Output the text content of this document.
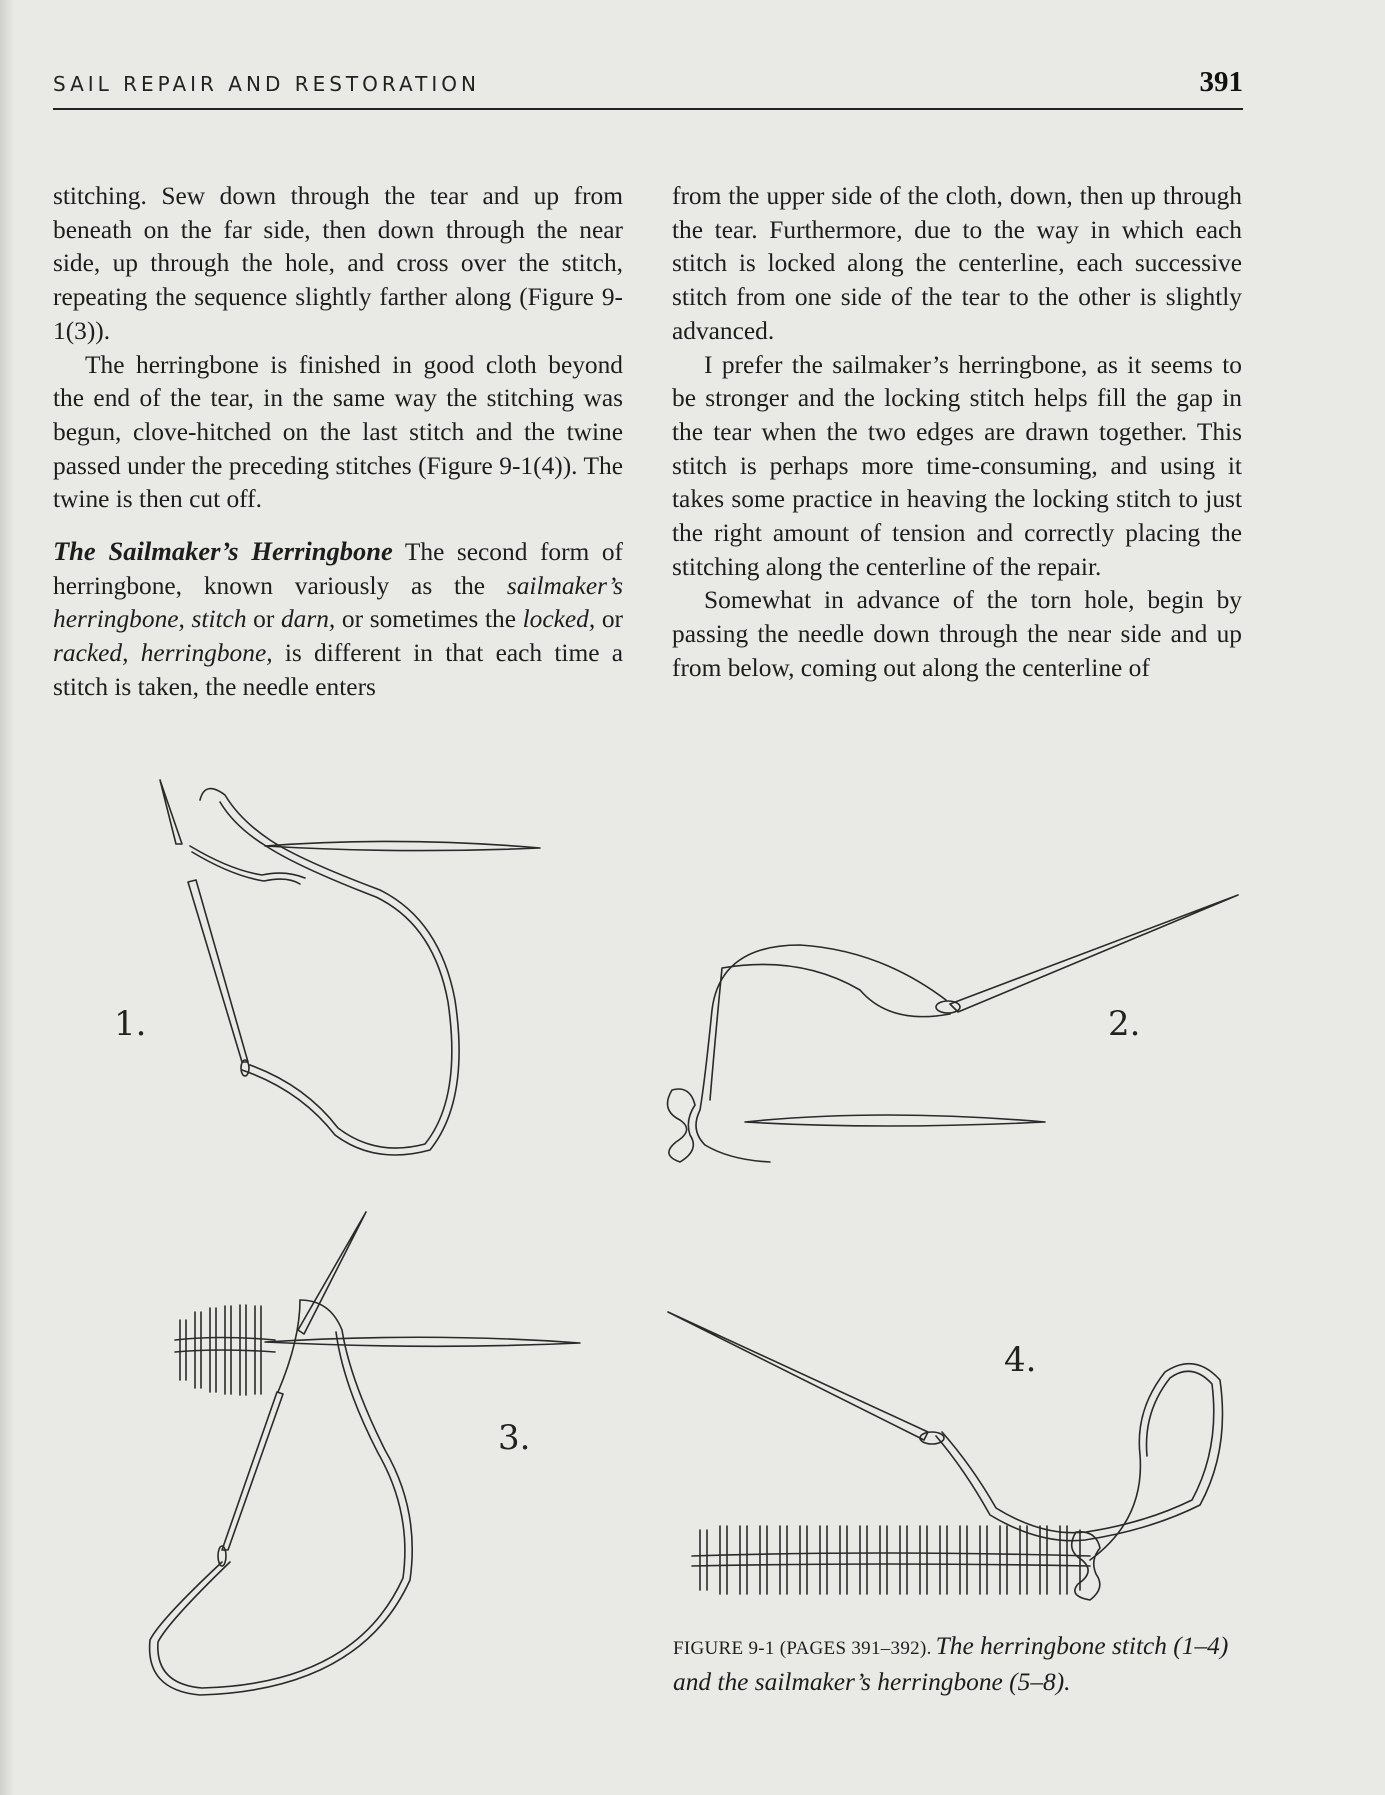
SAIL REPAIR AND RESTORATION	391

stitching. Sew down through the tear and up from beneath on the far side, then down through the near side, up through the hole, and cross over the stitch, repeating the sequence slightly farther along (Figure 9-1(3)).

The herringbone is finished in good cloth beyond the end of the tear, in the same way the stitching was begun, clove-hitched on the last stitch and the twine passed under the preceding stitches (Figure 9-1(4)). The twine is then cut off.

The Sailmaker’s Herringbone The second form of herringbone, known variously as the sailmaker’s herringbone, stitch or darn, or sometimes the locked, or racked, herringbone, is different in that each time a stitch is taken, the needle enters

from the upper side of the cloth, down, then up through the tear. Furthermore, due to the way in which each stitch is locked along the centerline, each successive stitch from one side of the tear to the other is slightly advanced.

I prefer the sailmaker’s herringbone, as it seems to be stronger and the locking stitch helps fill the gap in the tear when the two edges are drawn together. This stitch is perhaps more time-consuming, and using it takes some practice in heaving the locking stitch to just the right amount of tension and correctly placing the stitching along the centerline of the repair.

Somewhat in advance of the torn hole, begin by passing the needle down through the near side and up from below, coming out along the centerline of

1.	2.
3.
4.
FIGURE 9-1 (PAGES 391–392). The herringbone stitch (1–4) and the sailmaker’s herringbone (5–8).
